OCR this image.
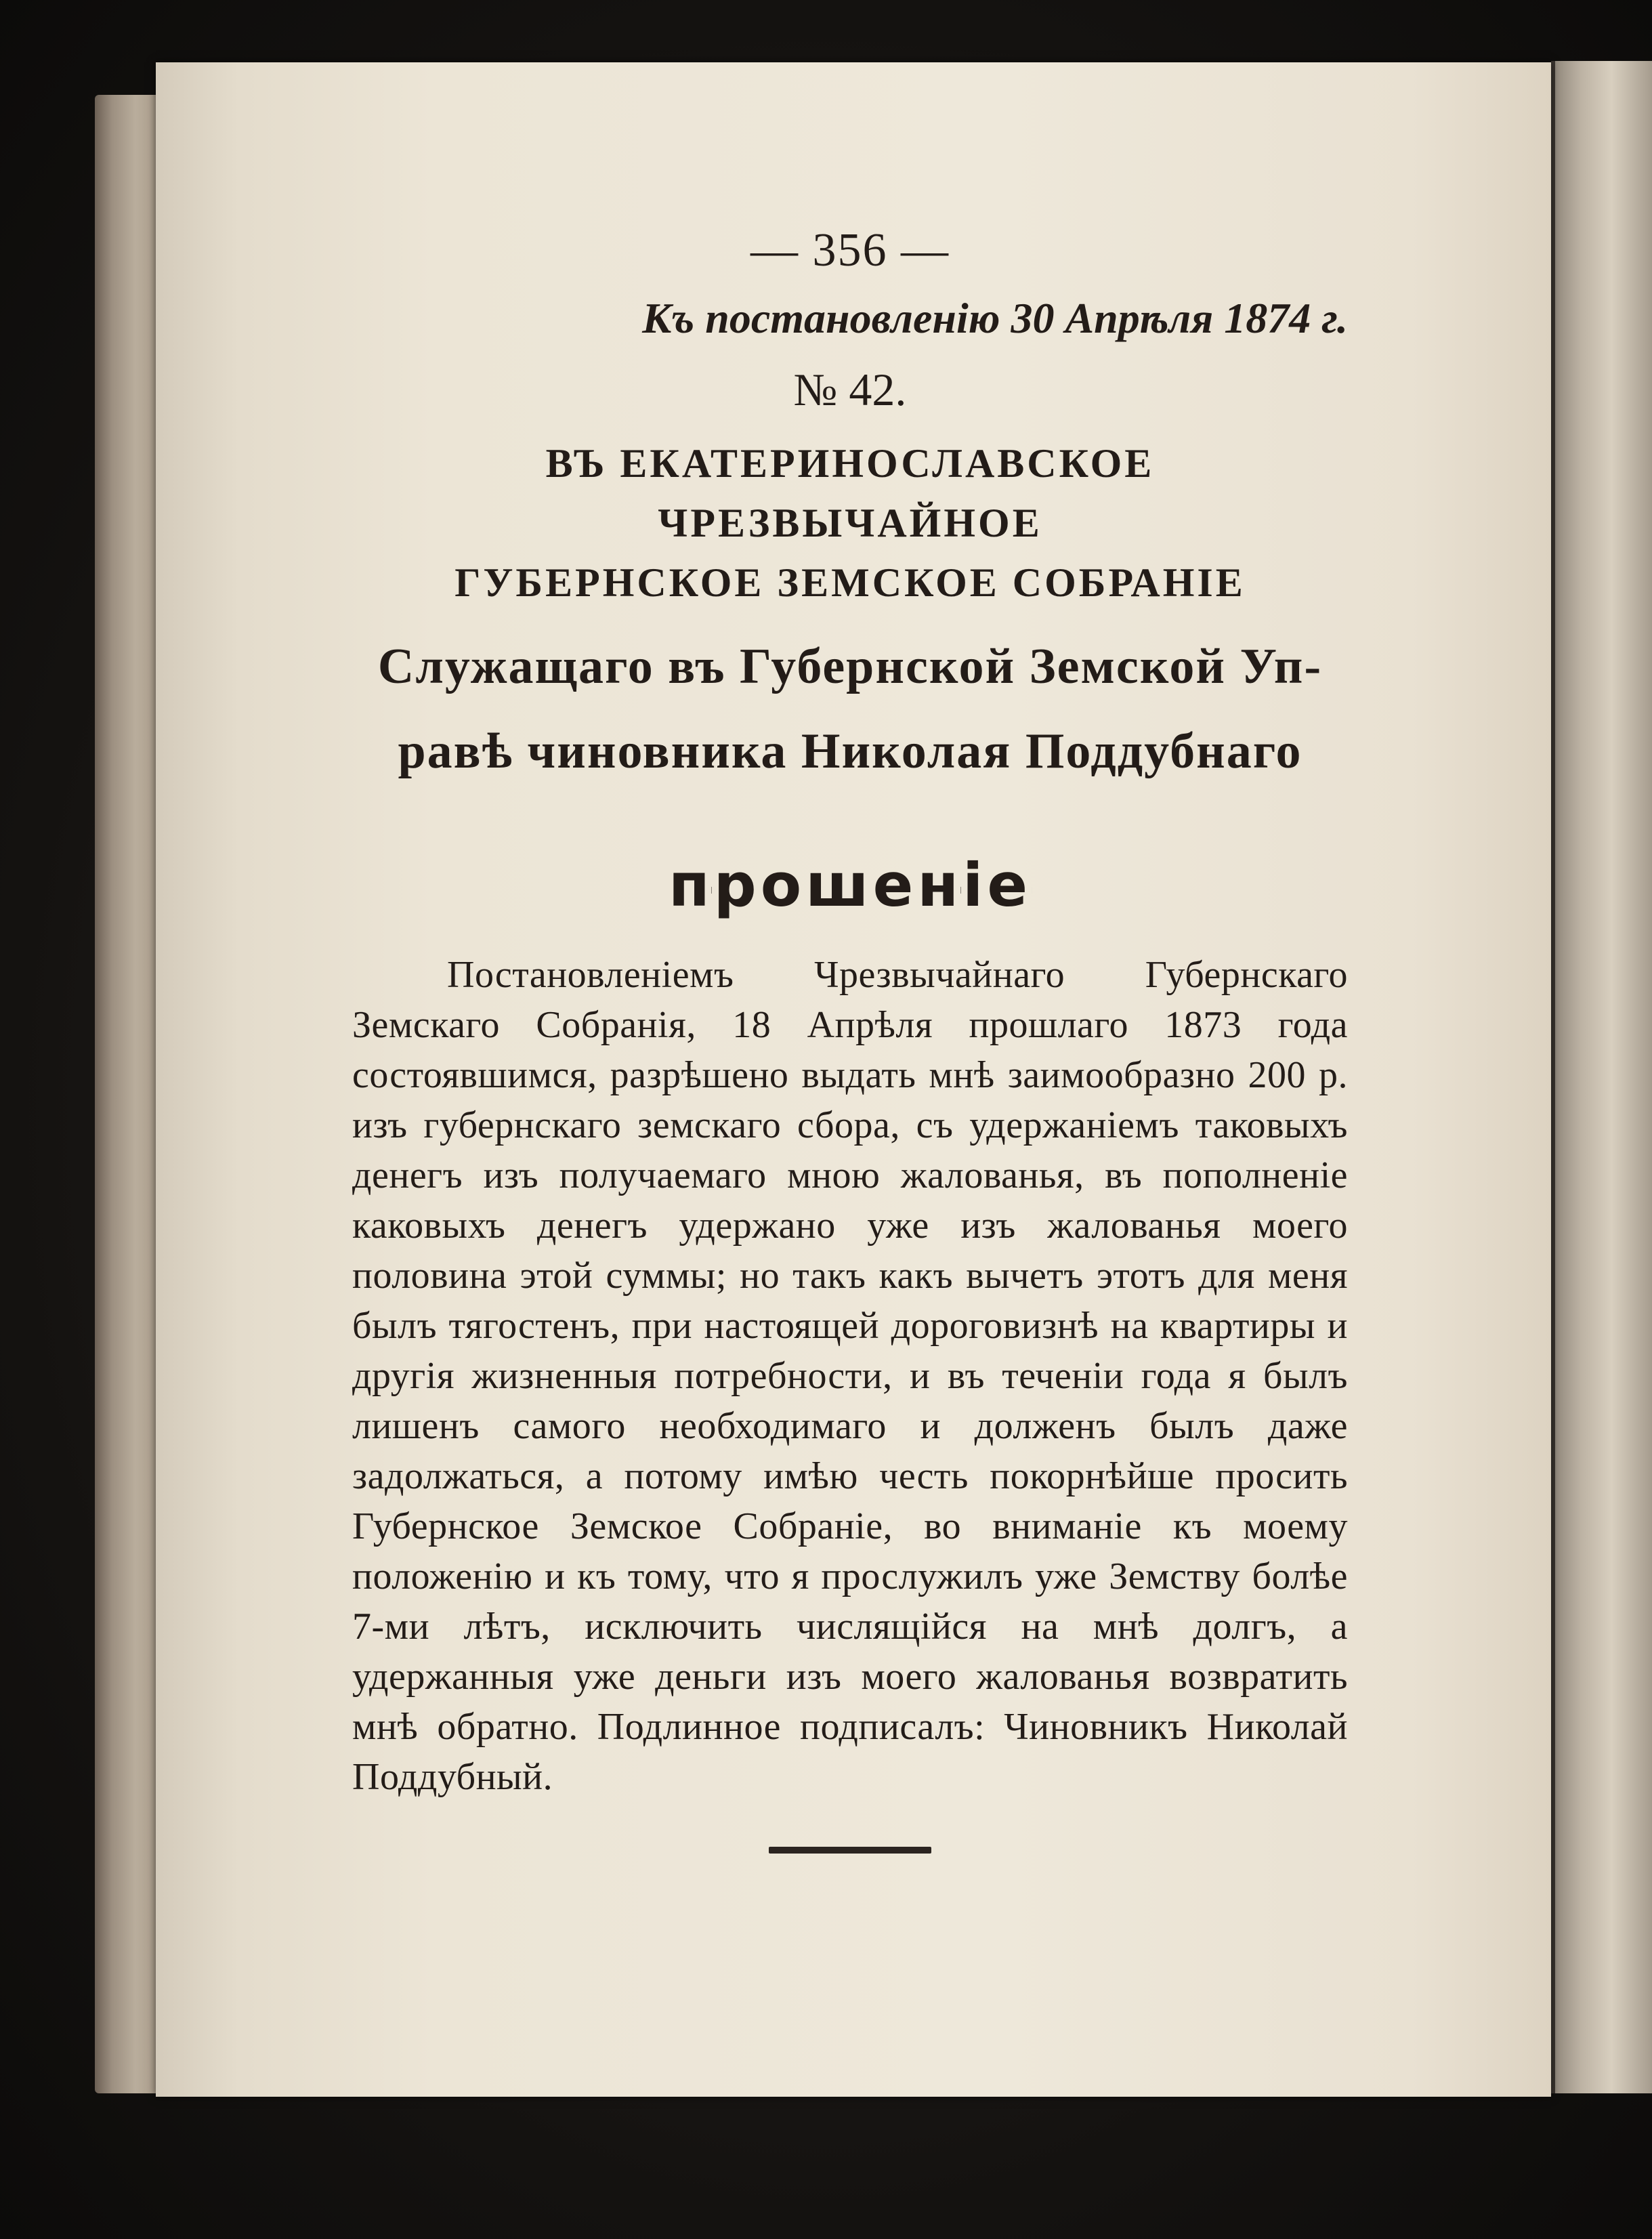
— 356 —

Къ постановленію 30 Апрѣля 1874 г.

№ 42.

ВЪ ЕКАТЕРИНОСЛАВСКОЕ ЧРЕЗВЫЧАЙНОЕ

ГУБЕРНСКОЕ ЗЕМСКОЕ СОБРАНІЕ

Служащаго въ Губернской Земской Уп-
равѣ чиновника Николая Поддубнаго
прошеніе

Постановленіемъ Чрезвычайнаго Губернскаго Земскаго Собранія, 18 Апрѣля прошлаго 1873 года состоявшимся, разрѣшено выдать мнѣ заимообразно 200 р. изъ губернскаго земскаго сбора, съ удержаніемъ таковыхъ денегъ изъ получаемаго мною жалованья, въ пополненіе каковыхъ денегъ удержано уже изъ жалованья моего половина этой суммы; но такъ какъ вычетъ этотъ для меня былъ тягостенъ, при настоящей дороговизнѣ на квартиры и другія жизненныя потребности, и въ теченіи года я былъ лишенъ самого необходимаго и долженъ былъ даже задолжаться, а потому имѣю честь покорнѣйше просить Губернское Земское Собраніе, во вниманіе къ моему положенію и къ тому, что я прослужилъ уже Земству болѣе 7-ми лѣтъ, исключить числящійся на мнѣ долгъ, а удержанныя уже деньги изъ моего жалованья возвратить мнѣ обратно. Подлинное подписалъ: Чиновникъ Николай Поддубный.
